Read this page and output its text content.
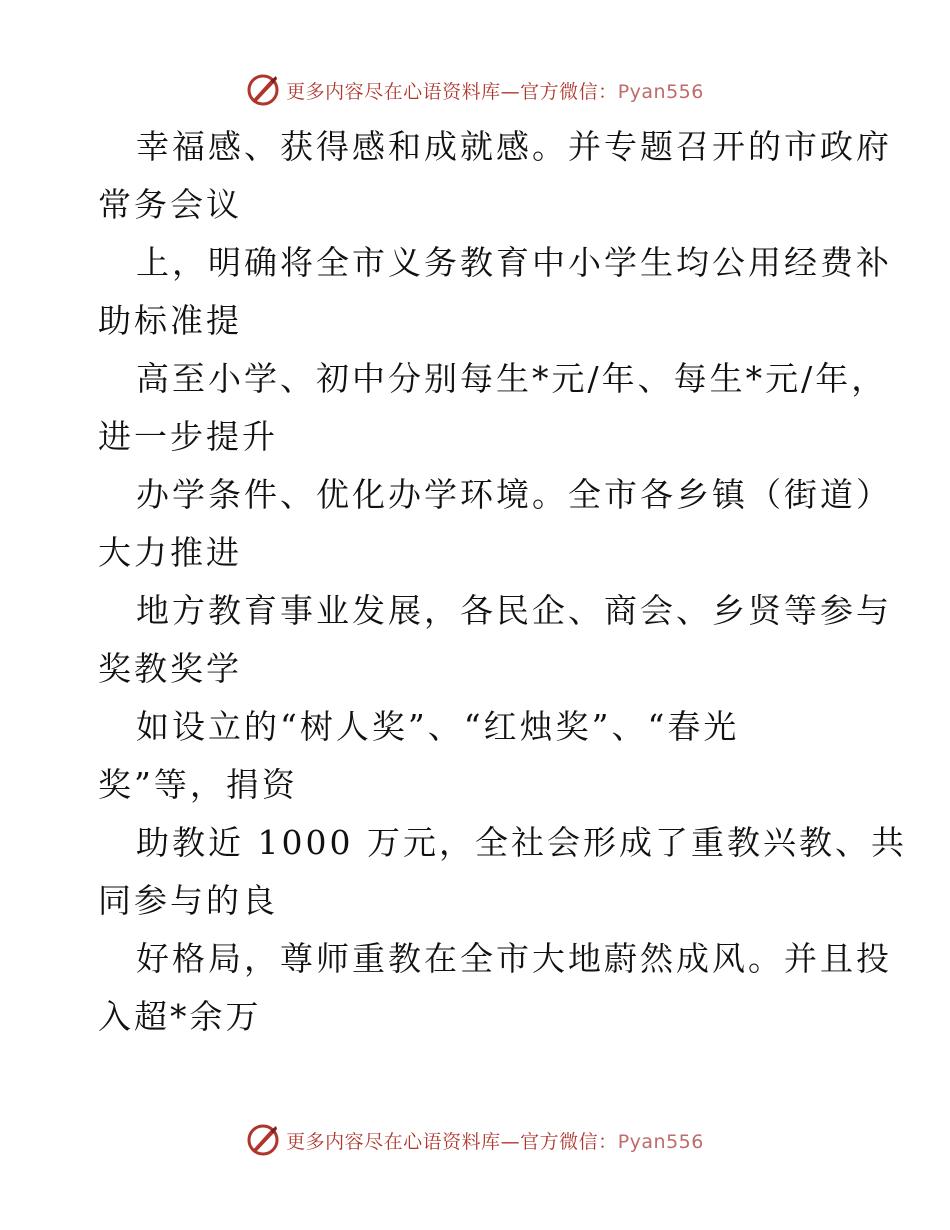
更多内容尽在心语资料库—官方微信：Pyan556

幸福感、获得感和成就感。并专题召开的市政府
常务会议

上，明确将全市义务教育中小学生均公用经费补
助标准提

高至小学、初中分别每生*元/年、每生*元/年，
进一步提升

办学条件、优化办学环境。全市各乡镇（街道）
大力推进

地方教育事业发展，各民企、商会、乡贤等参与
奖教奖学

如设立的“树人奖”、“红烛奖”、“春光
奖”等，捐资

助教近 1000 万元，全社会形成了重教兴教、共
同参与的良

好格局，尊师重教在全市大地蔚然成风。并且投
入超*余万

更多内容尽在心语资料库—官方微信：Pyan556
